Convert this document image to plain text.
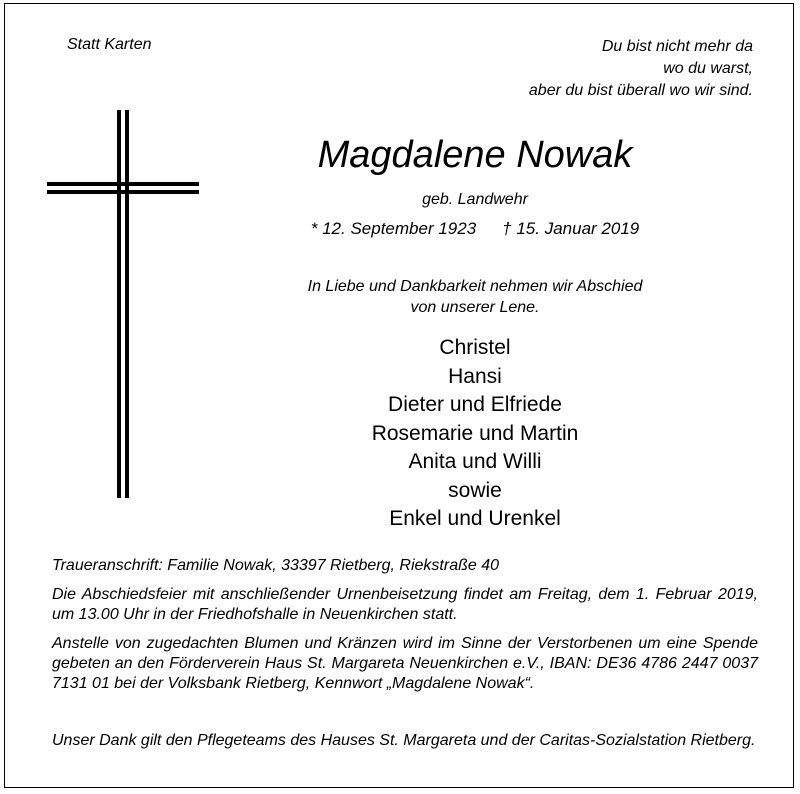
Statt Karten	Du bist nicht mehr da
wo du warst,
aber du bist überall wo wir sind.
Magdalene Nowak
geb. Landwehr
* 12. September 1923 † 15. Januar 2019
In Liebe und Dankbarkeit nehmen wir Abschied
von unserer Lene.
Christel
Hansi
Dieter und Elfriede
Rosemarie und Martin
Anita und Willi
sowie
Enkel und Urenkel
Traueranschrift: Familie Nowak, 33397 Rietberg, Riekstraße 40

Die Abschiedsfeier mit anschließender Urnenbeisetzung findet am Freitag, dem 1. Februar 2019, um 13.00 Uhr in der Friedhofshalle in Neuenkirchen statt.

Anstelle von zugedachten Blumen und Kränzen wird im Sinne der Verstorbenen um eine Spende gebeten an den Förderverein Haus St. Margareta Neuenkirchen e.V., IBAN: DE36 4786 2447 0037 7131 01 bei der Volksbank Rietberg, Kennwort „Magdalene Nowak“.

Unser Dank gilt den Pflegeteams des Hauses St. Margareta und der Caritas-Sozialstation Rietberg.
